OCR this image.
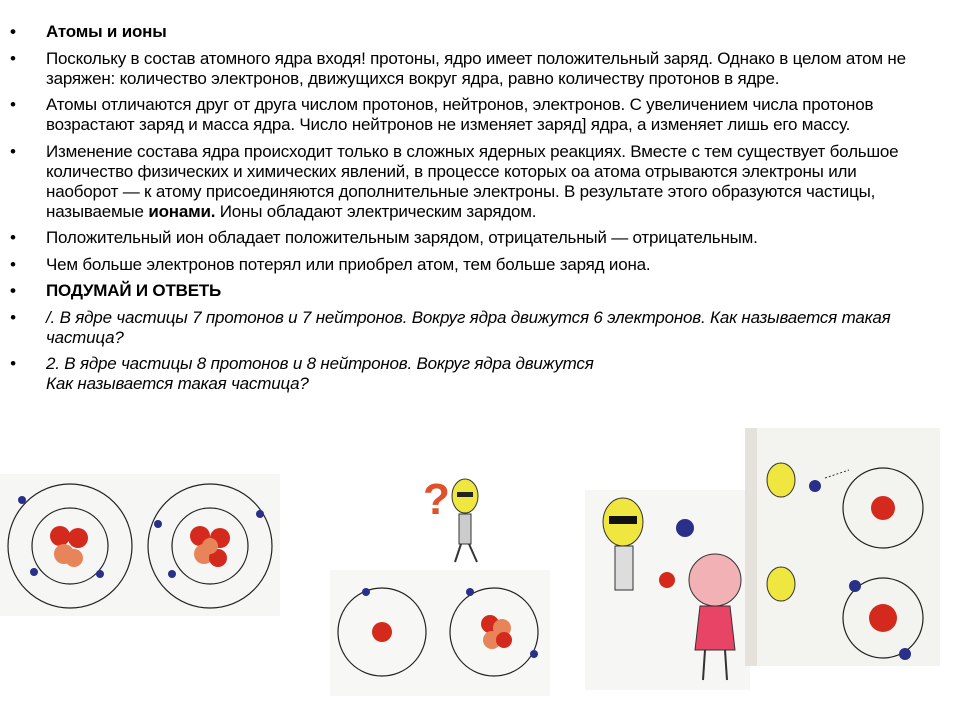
• Атомы и ионы
• Поскольку в состав атомного ядра входя! протоны, ядро имеет положительный заряд. Однако в целом атом не заряжен: количество электронов, движущихся вокруг ядра, равно количеству протонов в ядре.
• Атомы отличаются друг от друга числом протонов, нейтронов, электронов. С увеличением числа протонов возрастают заряд и масса ядра. Число нейтронов не изменяет заряд] ядра, а изменяет лишь его массу.
• Изменение состава ядра происходит только в сложных ядерных реакциях. Вместе с тем существует большое количество физических и химических явлений, в процессе которых оа атома отрываются электроны или наоборот — к атому присоединяются дополнительные электроны. В результате этого образуются частицы, называемые ионами. Ионы обладают электрическим зарядом.
• Положительный ион обладает положительным зарядом, отрицательный — отрицательным.
• Чем больше электронов потерял или приобрел атом, тем больше заряд иона.
• ПОДУМАЙ И ОТВЕТЬ
• /. В ядре частицы 7 протонов и 7 нейтронов. Вокруг ядра движутся 6 электронов. Как называется такая частица?
• 2. В ядре частицы 8 протонов и 8 нейтронов. Вокруг ядра движутся
Как называется такая частица?
?
